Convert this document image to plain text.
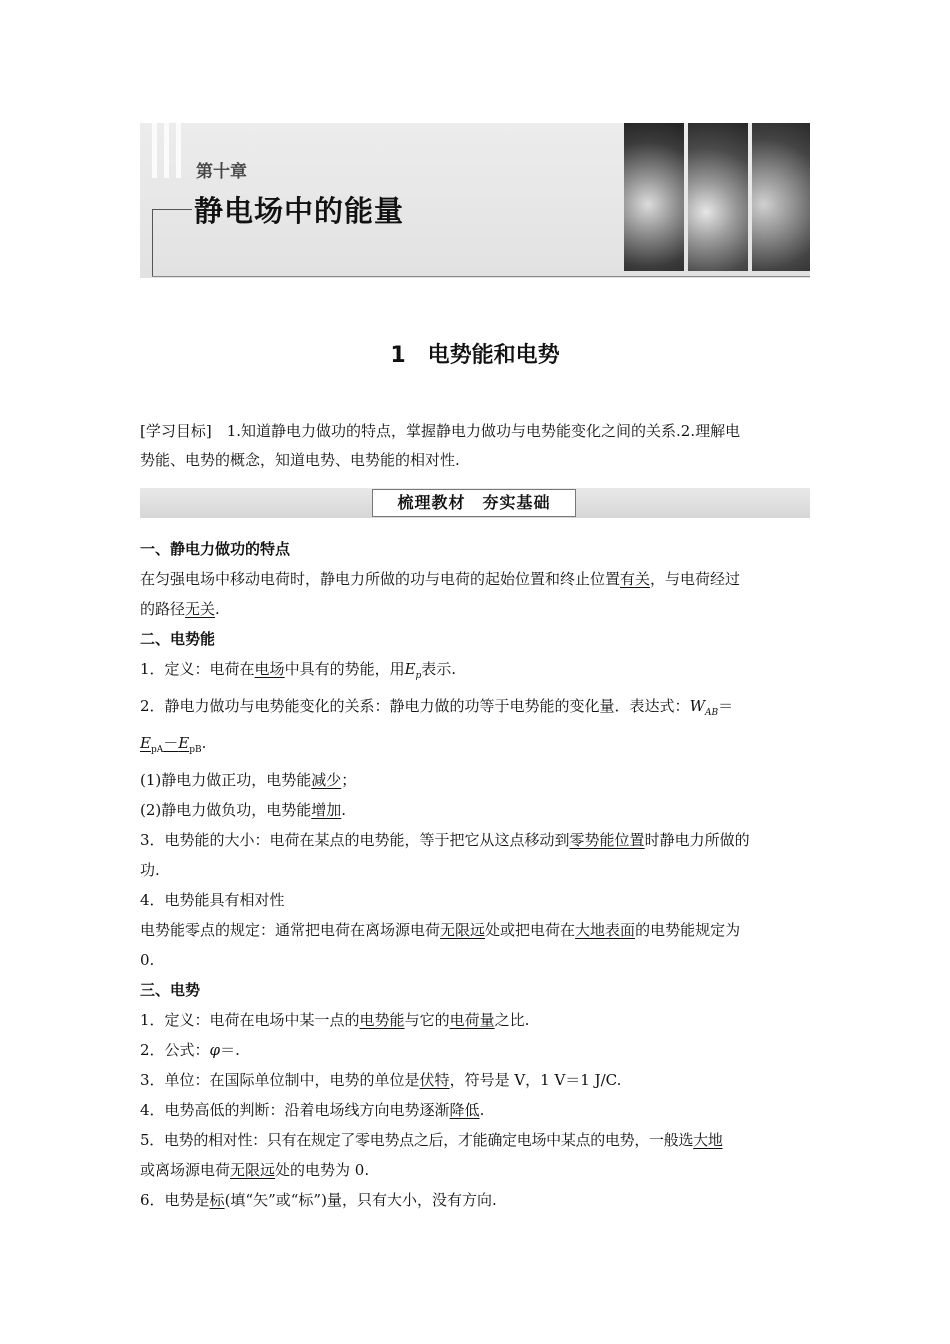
第十章
静电场中的能量
1　电势能和电势
[学习目标]　1.知道静电力做功的特点，掌握静电力做功与电势能变化之间的关系.2.理解电
势能、电势的概念，知道电势、电势能的相对性.
梳理教材　夯实基础

一、静电力做功的特点

在匀强电场中移动电荷时，静电力所做的功与电荷的起始位置和终止位置有关，与电荷经过

的路径无关.

二、电势能

1．定义：电荷在电场中具有的势能，用$E_p$表示.

2．静电力做功与电势能变化的关系：静电力做的功等于电势能的变化量．表达式：$W_{AB}=$

$E_{pA}-E_{pB}$.

(1)静电力做正功，电势能减少；

(2)静电力做负功，电势能增加.

3．电势能的大小：电荷在某点的电势能，等于把它从这点移动到零势能位置时静电力所做的

功.

4．电势能具有相对性

电势能零点的规定：通常把电荷在离场源电荷无限远处或把电荷在大地表面的电势能规定为

0.

三、电势

1．定义：电荷在电场中某一点的电势能与它的电荷量之比.

2．公式：φ＝.

3．单位：在国际单位制中，电势的单位是伏特，符号是 V，1 V＝1 J/C.

4．电势高低的判断：沿着电场线方向电势逐渐降低.

5．电势的相对性：只有在规定了零电势点之后，才能确定电场中某点的电势，一般选大地

或离场源电荷无限远处的电势为 0.

6．电势是标(填“矢”或“标”)量，只有大小，没有方向.
